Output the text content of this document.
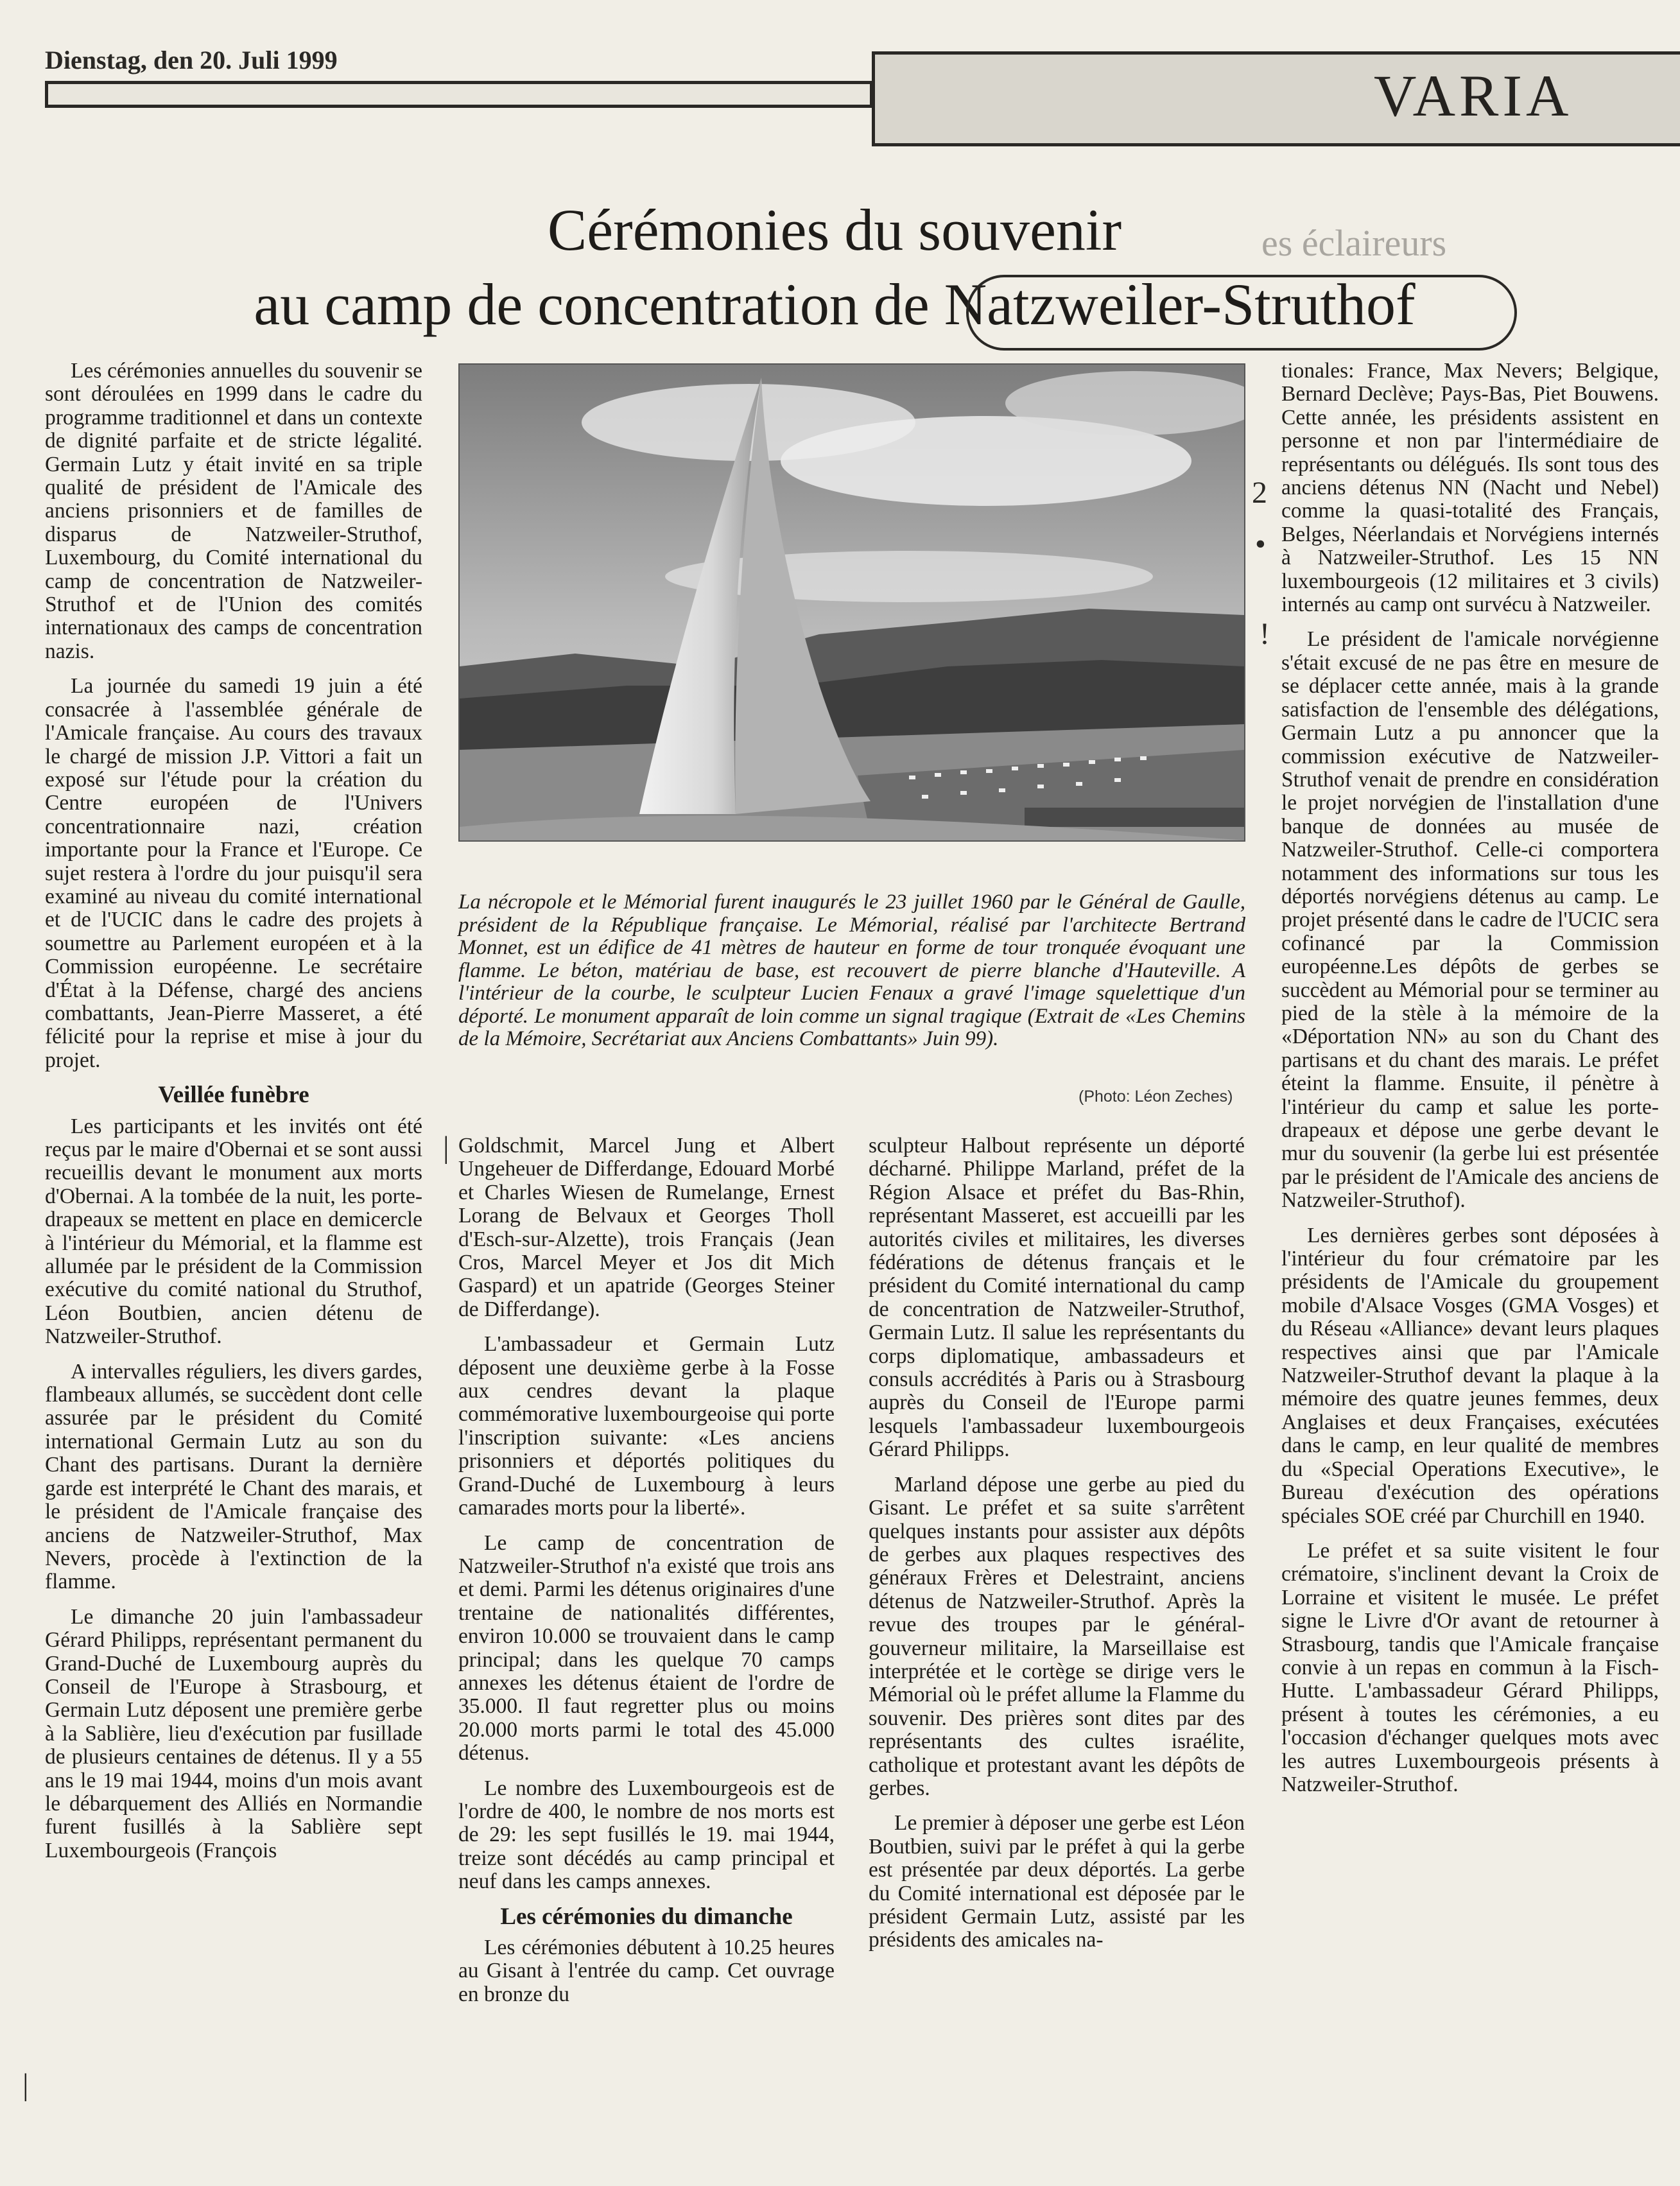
Dienstag, den 20. Juli 1999
VARIA
es éclaireurs
Cérémonies du souvenir
au camp de concentration de Natzweiler-Struthof

Les cérémonies annuelles du souvenir se sont déroulées en 1999 dans le cadre du programme traditionnel et dans un contexte de dignité parfaite et de stricte légalité. Germain Lutz y était invité en sa triple qualité de président de l'Amicale des anciens prisonniers et de familles de disparus de Natzweiler-Struthof, Luxembourg, du Comité international du camp de concentration de Natzweiler-Struthof et de l'Union des comités internationaux des camps de concentration nazis.

La journée du samedi 19 juin a été consacrée à l'assemblée générale de l'Amicale française. Au cours des travaux le chargé de mission J.P. Vittori a fait un exposé sur l'étude pour la création du Centre européen de l'Univers concentrationnaire nazi, création importante pour la France et l'Europe. Ce sujet restera à l'ordre du jour puisqu'il sera examiné au niveau du comité international et de l'UCIC dans le cadre des projets à soumettre au Parlement européen et à la Commission européenne. Le secrétaire d'État à la Défense, chargé des anciens combattants, Jean-Pierre Masseret, a été félicité pour la reprise et mise à jour du projet.

Veillée funèbre

Les participants et les invités ont été reçus par le maire d'Obernai et se sont aussi recueillis devant le monument aux morts d'Obernai. A la tombée de la nuit, les porte-drapeaux se mettent en place en demicercle à l'intérieur du Mémorial, et la flamme est allumée par le président de la Commission exécutive du comité national du Struthof, Léon Boutbien, ancien détenu de Natzweiler-Struthof.

A intervalles réguliers, les divers gardes, flambeaux allumés, se succèdent dont celle assurée par le président du Comité international Germain Lutz au son du Chant des partisans. Durant la dernière garde est interprété le Chant des marais, et le président de l'Amicale française des anciens de Natzweiler-Struthof, Max Nevers, procède à l'extinction de la flamme.

Le dimanche 20 juin l'ambassadeur Gérard Philipps, représentant permanent du Grand-Duché de Luxembourg auprès du Conseil de l'Europe à Strasbourg, et Germain Lutz déposent une première gerbe à la Sablière, lieu d'exécution par fusillade de plusieurs centaines de détenus. Il y a 55 ans le 19 mai 1944, moins d'un mois avant le débarquement des Alliés en Normandie furent fusillés à la Sablière sept Luxembourgeois (François

La nécropole et le Mémorial furent inaugurés le 23 juillet 1960 par le Général de Gaulle, président de la République française. Le Mémorial, réalisé par l'architecte Bertrand Monnet, est un édifice de 41 mètres de hauteur en forme de tour tronquée évoquant une flamme. Le béton, matériau de base, est recouvert de pierre blanche d'Hauteville. A l'intérieur de la courbe, le sculpteur Lucien Fenaux a gravé l'image squelettique d'un déporté. Le monument apparaît de loin comme un signal tragique (Extrait de «Les Chemins de la Mémoire, Secrétariat aux Anciens Combattants» Juin 99).
(Photo: Léon Zeches)

Goldschmit, Marcel Jung et Albert Ungeheuer de Differdange, Edouard Morbé et Charles Wiesen de Rumelange, Ernest Lorang de Belvaux et Georges Tholl d'Esch-sur-Alzette), trois Français (Jean Cros, Marcel Meyer et Jos dit Mich Gaspard) et un apatride (Georges Steiner de Differdange).

L'ambassadeur et Germain Lutz déposent une deuxième gerbe à la Fosse aux cendres devant la plaque commémorative luxembourgeoise qui porte l'inscription suivante: «Les anciens prisonniers et déportés politiques du Grand-Duché de Luxembourg à leurs camarades morts pour la liberté».

Le camp de concentration de Natzweiler-Struthof n'a existé que trois ans et demi. Parmi les détenus originaires d'une trentaine de nationalités différentes, environ 10.000 se trouvaient dans le camp principal; dans les quelque 70 camps annexes les détenus étaient de l'ordre de 35.000. Il faut regretter plus ou moins 20.000 morts parmi le total des 45.000 détenus.

Le nombre des Luxembourgeois est de l'ordre de 400, le nombre de nos morts est de 29: les sept fusillés le 19. mai 1944, treize sont décédés au camp principal et neuf dans les camps annexes.

Les cérémonies du dimanche

Les cérémonies débutent à 10.25 heures au Gisant à l'entrée du camp. Cet ouvrage en bronze du

sculpteur Halbout représente un déporté décharné. Philippe Marland, préfet de la Région Alsace et préfet du Bas-Rhin, représentant Masseret, est accueilli par les autorités civiles et militaires, les diverses fédérations de détenus français et le président du Comité international du camp de concentration de Natzweiler-Struthof, Germain Lutz. Il salue les représentants du corps diplomatique, ambassadeurs et consuls accrédités à Paris ou à Strasbourg auprès du Conseil de l'Europe parmi lesquels l'ambassadeur luxembourgeois Gérard Philipps.

Marland dépose une gerbe au pied du Gisant. Le préfet et sa suite s'arrêtent quelques instants pour assister aux dépôts de gerbes aux plaques respectives des généraux Frères et Delestraint, anciens détenus de Natzweiler-Struthof. Après la revue des troupes par le général-gouverneur militaire, la Marseillaise est interprétée et le cortège se dirige vers le Mémorial où le préfet allume la Flamme du souvenir. Des prières sont dites par des représentants des cultes israélite, catholique et protestant avant les dépôts de gerbes.

Le premier à déposer une gerbe est Léon Boutbien, suivi par le préfet à qui la gerbe est présentée par deux déportés. La gerbe du Comité international est déposée par le président Germain Lutz, assisté par les présidents des amicales na-

tionales: France, Max Nevers; Belgique, Bernard Declève; Pays-Bas, Piet Bouwens. Cette année, les présidents assistent en personne et non par l'intermédiaire de représentants ou délégués. Ils sont tous des anciens détenus NN (Nacht und Nebel) comme la quasi-totalité des Français, Belges, Néerlandais et Norvégiens internés à Natzweiler-Struthof. Les 15 NN luxembourgeois (12 militaires et 3 civils) internés au camp ont survécu à Natzweiler.

Le président de l'amicale norvégienne s'était excusé de ne pas être en mesure de se déplacer cette année, mais à la grande satisfaction de l'ensemble des délégations, Germain Lutz a pu annoncer que la commission exécutive de Natzweiler-Struthof venait de prendre en considération le projet norvégien de l'installation d'une banque de données au musée de Natzweiler-Struthof. Celle-ci comportera notamment des informations sur tous les déportés norvégiens détenus au camp. Le projet présenté dans le cadre de l'UCIC sera cofinancé par la Commission européenne.Les dépôts de gerbes se succèdent au Mémorial pour se terminer au pied de la stèle à la mémoire de la «Déportation NN» au son du Chant des partisans et du chant des marais. Le préfet éteint la flamme. Ensuite, il pénètre à l'intérieur du camp et salue les porte-drapeaux et dépose une gerbe devant le mur du souvenir (la gerbe lui est présentée par le président de l'Amicale des anciens de Natzweiler-Struthof).

Les dernières gerbes sont déposées à l'intérieur du four crématoire par les présidents de l'Amicale du groupement mobile d'Alsace Vosges (GMA Vosges) et du Réseau «Alliance» devant leurs plaques respectives ainsi que par l'Amicale Natzweiler-Struthof devant la plaque à la mémoire des quatre jeunes femmes, deux Anglaises et deux Françaises, exécutées dans le camp, en leur qualité de membres du «Special Operations Executive», le Bureau d'exécution des opérations spéciales SOE créé par Churchill en 1940.

Le préfet et sa suite visitent le four crématoire, s'inclinent devant la Croix de Lorraine et visitent le musée. Le préfet signe le Livre d'Or avant de retourner à Strasbourg, tandis que l'Amicale française convie à un repas en commun à la Fisch-Hutte. L'ambassadeur Gérard Philipps, présent à toutes les cérémonies, a eu l'occasion d'échanger quelques mots avec les autres Luxembourgeois présents à Natzweiler-Struthof.

2
•
!
|
|
